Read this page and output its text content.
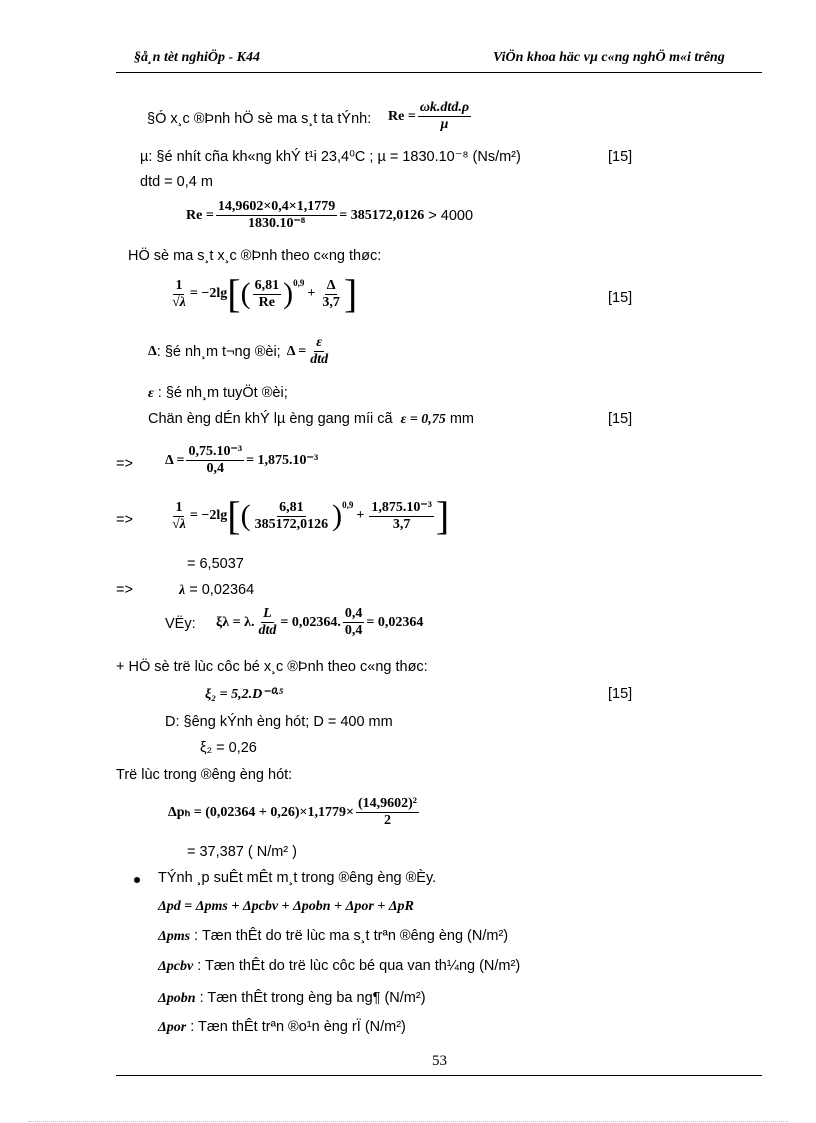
§å¸n tèt nghiÖp - K44	ViÖn khoa häc vµ c«ng nghÖ m«i trêng
§Ó x¸c ®Þnh hÖ sè ma s¸t ta tÝnh: $Re = \frac{\text{ωk.dtd.ρ}}{\text{µ}}$
µ: §é nhít cña kh«ng khÝ t¹i 23,4⁰C ; µ = 1830.10⁻⁸ (Ns/m²)	[15]
dtd = 0,4 m
$Re = \frac{14,9602\times 0,4\times 1,1779}{\text{1830.10⁻⁸}} = 385172,0126 > 4000$
HÖ sè ma s¸t x¸c ®Þnh theo c«ng thøc:
$\frac{1}{√\lambda} = -2\lg$ [ ( $\frac{6,81}{Re} )^{0,9}$
+ $\frac{\Delta}{3,7}$ ]	[15]
Δ : §é nh¸m t¬ng ®èi; $\Delta = \frac{\varepsilon}{\text{dtd}}$
ε : §é nh¸m tuyÖt ®èi;
Chän èng dÉn khÝ lµ èng gang míi cã ε = 0,75 mm	[15]
=> $\Delta = \frac{\text{0,75.10⁻³}}{0,4} = 1,875.10^{-3}$
=>	$\frac{1}{√\lambda} = -2\lg$ [ ( $\frac{6,81}{385172,0126} )^{0,9}$
+ $\frac{\text{1,875.10⁻³}}{3,7}$ ]
= 6,5037
=>	λ = 0,02364
VËy: ξλ = λ. $\frac{L}{\text{dtd}} = 0,02364$. $\frac{0,4}{0,4} = 0,02364$
+ HÖ sè trë lùc côc bé x¸c ®Þnh theo c«ng thøc:
ξ₂ = 5,2.D⁻⁰·⁵	[15]
D: §êng kÝnh èng hót; D = 400 mm
ξ₂ = 0,26
Trë lùc trong ®êng èng hót:
$\Delta p_h = (0,02364 + 0,26)\times 1,1779\times \frac{\text{(14,9602)²}}{2}$
= 37,387 ( N/m² )
TÝnh ¸p suÊt mÊt m¸t trong ®êng èng ®Èy.
Δpd = Δpms + Δpcbv + Δpobn + Δpor + ΔpR
Δpms : Tæn thÊt do trë lùc ma s¸t trªn ®êng èng (N/m²)
Δpcbv : Tæn thÊt do trë lùc côc bé qua van th¼ng (N/m²)
Δpobn : Tæn thÊt trong èng ba ng¶ (N/m²)
Δpor : Tæn thÊt trªn ®o¹n èng rÏ (N/m²)
53
